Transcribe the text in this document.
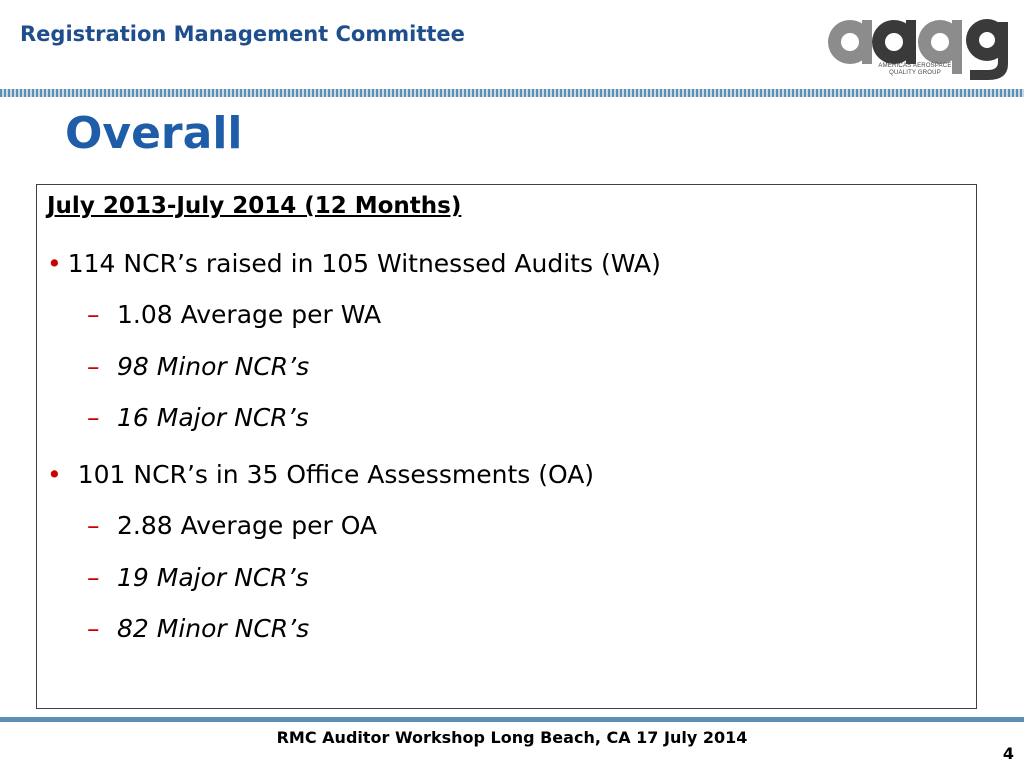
Registration Management Committee
AMERICAS AEROSPACE QUALITY GROUP
Overall
July 2013-July 2014 (12 Months)
• 114 NCR’s raised in 105 Witnessed Audits (WA)
– 1.08 Average per WA
– 98 Minor NCR’s
– 16 Major NCR’s
• 101 NCR’s in 35 Office Assessments (OA)
– 2.88 Average per OA
– 19 Major NCR’s
– 82 Minor NCR’s
RMC Auditor Workshop Long Beach, CA 17 July 2014
4
